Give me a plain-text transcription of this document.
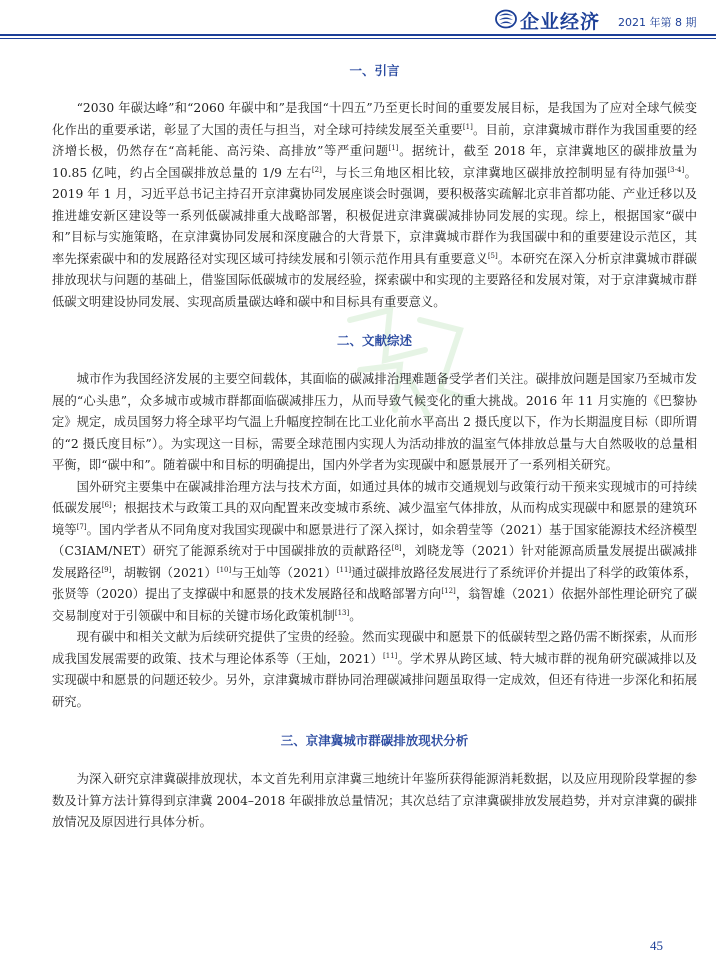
企业经济 2021 年第 8 期
一、引言

“2030 年碳达峰”和“2060 年碳中和”是我国“十四五”乃至更长时间的重要发展目标，是我国为了应对全球气候变化作出的重要承诺，彰显了大国的责任与担当，对全球可持续发展至关重要[1]。目前，京津冀城市群作为我国重要的经济增长极，仍然存在“高耗能、高污染、高排放”等严重问题[1]。据统计，截至 2018 年，京津冀地区的碳排放量为 10.85 亿吨，约占全国碳排放总量的 1/9 左右[2]，与长三角地区相比较，京津冀地区碳排放控制明显有待加强[3-4]。2019 年 1 月，习近平总书记主持召开京津冀协同发展座谈会时强调，要积极落实疏解北京非首都功能、产业迁移以及推进雄安新区建设等一系列低碳减排重大战略部署，积极促进京津冀碳减排协同发展的实现。综上，根据国家“碳中和”目标与实施策略，在京津冀协同发展和深度融合的大背景下，京津冀城市群作为我国碳中和的重要建设示范区，其率先探索碳中和的发展路径对实现区域可持续发展和引领示范作用具有重要意义[5]。本研究在深入分析京津冀城市群碳排放现状与问题的基础上，借鉴国际低碳城市的发展经验，探索碳中和实现的主要路径和发展对策，对于京津冀城市群低碳文明建设协同发展、实现高质量碳达峰和碳中和目标具有重要意义。

二、文献综述

城市作为我国经济发展的主要空间载体，其面临的碳减排治理难题备受学者们关注。碳排放问题是国家乃至城市发展的“心头患”，众多城市或城市群都面临碳减排压力，从而导致气候变化的重大挑战。2016 年 11 月实施的《巴黎协定》规定，成员国努力将全球平均气温上升幅度控制在比工业化前水平高出 2 摄氏度以下，作为长期温度目标（即所谓的“2 摄氏度目标”）。为实现这一目标，需要全球范围内实现人为活动排放的温室气体排放总量与大自然吸收的总量相平衡，即“碳中和”。随着碳中和目标的明确提出，国内外学者为实现碳中和愿景展开了一系列相关研究。

国外研究主要集中在碳减排治理方法与技术方面，如通过具体的城市交通规划与政策行动干预来实现城市的可持续低碳发展[6]；根据技术与政策工具的双向配置来改变城市系统、减少温室气体排放，从而构成实现碳中和愿景的建筑环境等[7]。国内学者从不同角度对我国实现碳中和愿景进行了深入探讨，如余碧莹等（2021）基于国家能源技术经济模型（C3IAM/NET）研究了能源系统对于中国碳排放的贡献路径[8]，刘晓龙等（2021）针对能源高质量发展提出碳减排发展路径[9]，胡鞍钢（2021）[10]与王灿等（2021）[11]通过碳排放路径发展进行了系统评价并提出了科学的政策体系，张贤等（2020）提出了支撑碳中和愿景的技术发展路径和战略部署方向[12]，翁智雄（2021）依据外部性理论研究了碳交易制度对于引领碳中和目标的关键市场化政策机制[13]。

现有碳中和相关文献为后续研究提供了宝贵的经验。然而实现碳中和愿景下的低碳转型之路仍需不断探索，从而形成我国发展需要的政策、技术与理论体系等（王灿，2021）[11]。学术界从跨区域、特大城市群的视角研究碳减排以及实现碳中和愿景的问题还较少。另外，京津冀城市群协同治理碳减排问题虽取得一定成效，但还有待进一步深化和拓展研究。

三、京津冀城市群碳排放现状分析

为深入研究京津冀碳排放现状，本文首先利用京津冀三地统计年鉴所获得能源消耗数据，以及应用现阶段掌握的参数及计算方法计算得到京津冀 2004–2018 年碳排放总量情况；其次总结了京津冀碳排放发展趋势，并对京津冀的碳排放情况及原因进行具体分析。

45
